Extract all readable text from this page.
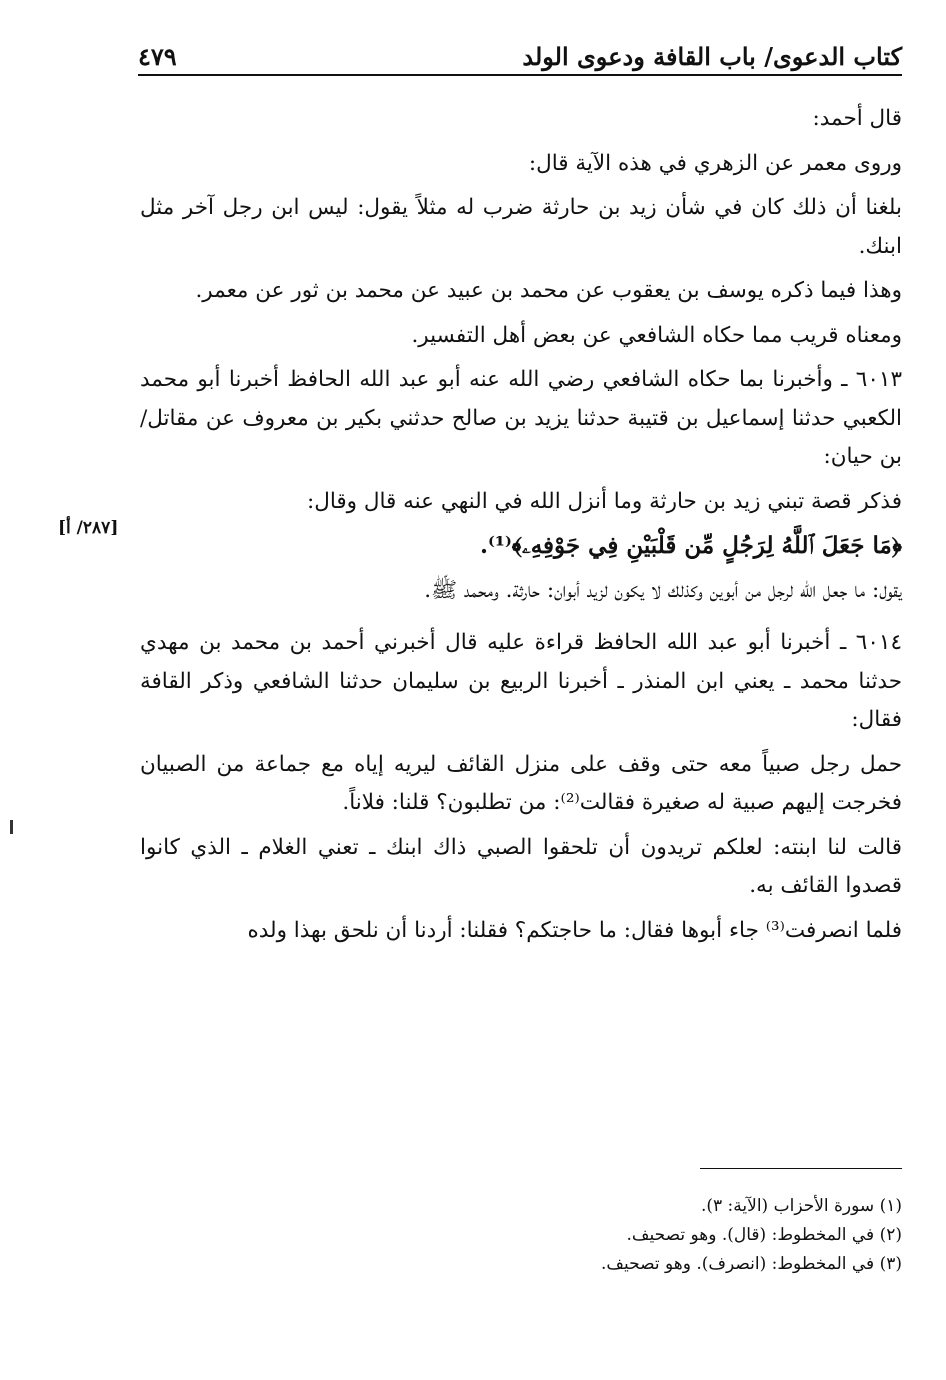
كتاب الدعوى/ باب القافة ودعوى الولد
٤٧٩
[٢٨٧/ أ]

قال أحمد:

وروى معمر عن الزهري في هذه الآية قال:

بلغنا أن ذلك كان في شأن زيد بن حارثة ضرب له مثلاً يقول: ليس ابن رجل آخر مثل ابنك.

وهذا فيما ذكره يوسف بن يعقوب عن محمد بن عبيد عن محمد بن ثور عن معمر.

ومعناه قريب مما حكاه الشافعي عن بعض أهل التفسير.

٦٠١٣ ـ وأخبرنا بما حكاه الشافعي رضي الله عنه أبو عبد الله الحافظ أخبرنا أبو محمد الكعبي حدثنا إسماعيل بن قتيبة حدثنا يزيد بن صالح حدثني بكير بن معروف عن مقاتل/ بن حيان:

فذكر قصة تبني زيد بن حارثة وما أنزل الله في النهي عنه قال وقال:

﴿مَا جَعَلَ ٱللَّهُ لِرَجُلٍ مِّن قَلْبَيْنِ فِي جَوْفِهِۦ﴾⁽¹⁾.

يقول: ما جعل الله لرجل من أبوين وكذلك لا يكون لزيد أبوان: حارثة. ومحمد ﷺ.

٦٠١٤ ـ أخبرنا أبو عبد الله الحافظ قراءة عليه قال أخبرني أحمد بن محمد بن مهدي حدثنا محمد ـ يعني ابن المنذر ـ أخبرنا الربيع بن سليمان حدثنا الشافعي وذكر القافة فقال:

حمل رجل صبياً معه حتى وقف على منزل القائف ليريه إياه مع جماعة من الصبيان فخرجت إليهم صبية له صغيرة فقالت⁽²⁾: من تطلبون؟ قلنا: فلاناً.

قالت لنا ابنته: لعلكم تريدون أن تلحقوا الصبي ذاك ابنك ـ تعني الغلام ـ الذي كانوا قصدوا القائف به.

فلما انصرفت⁽³⁾ جاء أبوها فقال: ما حاجتكم؟ فقلنا: أردنا أن نلحق بهذا ولده

(١) سورة الأحزاب (الآية: ٣).

(٢) في المخطوط: (قال). وهو تصحيف.

(٣) في المخطوط: (انصرف). وهو تصحيف.
